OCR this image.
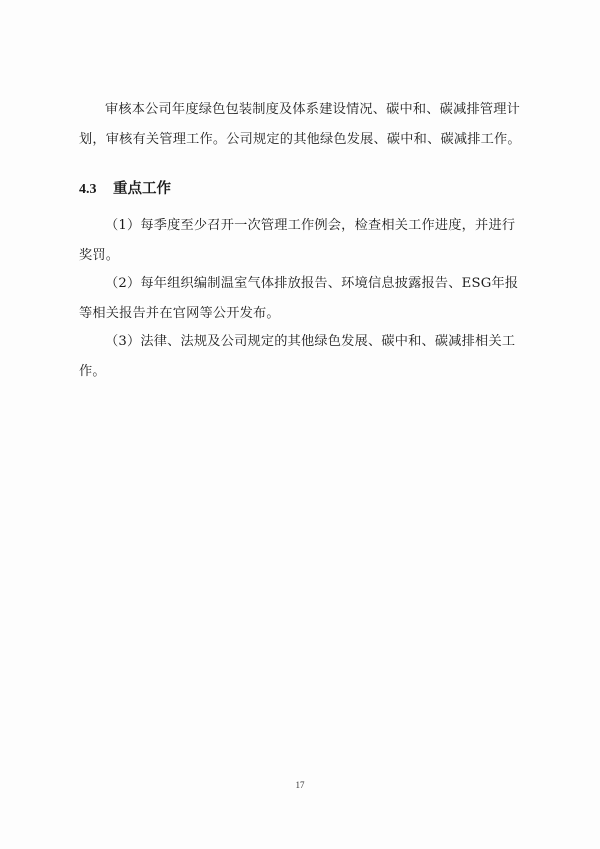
审核本公司年度绿色包装制度及体系建设情况、碳中和、碳减排管理计划，审核有关管理工作。公司规定的其他绿色发展、碳中和、碳减排工作。

4.3 重点工作

（1）每季度至少召开一次管理工作例会，检查相关工作进度，并进行奖罚。

（2）每年组织编制温室气体排放报告、环境信息披露报告、ESG年报等相关报告并在官网等公开发布。

（3）法律、法规及公司规定的其他绿色发展、碳中和、碳减排相关工作。

17
